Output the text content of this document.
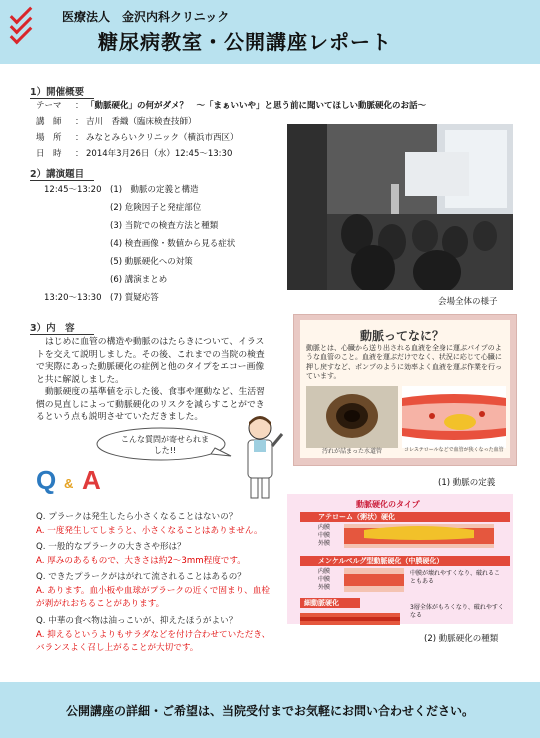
医療法人　金沢内科クリニック
糖尿病教室・公開講座レポート
1）開催概要
テーマ ： 「動脈硬化」の何がダメ？　～「まぁいいや」と思う前に聞いてほしい動脈硬化のお話～
講　師 ： 吉川　香織（臨床検査技師）
場　所 ： みなとみらいクリニック（横浜市西区）
日　時 ： 2014年3月26日（水）12:45～13:30
2）講演題目
12:45～13:20 (1)　動脈の定義と構造
(2) 危険因子と発症部位
(3) 当院での検査方法と種類
(4) 検査画像・数値から見る症状
(5) 動脈硬化への対策
(6) 講演まとめ
13:20～13:30 (7) 質疑応答	会場全体の様子
3）内　容
はじめに血管の構造や動脈のはたらきについて、イラストを交えて説明しました。その後、これまでの当院の検査で実際にあった動脈硬化の症例と他のタイプをエコー画像と共に解説しました。
動脈硬度の基準値を示した後、食事や運動など、生活習慣の見直しによって動脈硬化のリスクを減らすことができるという点も説明させていただきました。
こんな質問が寄せられました!!
Q & A
Q. プラークは発生したら小さくなることはないの？
A. 一度発生してしまうと、小さくなることはありません。
Q. 一般的なプラークの大きさや形は？
A. 厚みのあるもので、大きさは約2～3mm程度です。
Q. できたプラークがはがれて流されることはあるの？
A. あります。血小板や血球がプラークの近くで固まり、血栓が剥がれおちることがあります。
Q. 中華の食べ物は油っこいが、抑えたほうがよい？
A. 抑えるというよりもサラダなどを付け合わせていただき、バランスよく召し上がることが大切です。
動脈ってなに？
動脈とは、心臓から送り出される血液を全身に運ぶパイプのような血管のこと。血液を運ぶだけでなく、状況に応じて心臓に押し戻すなど、ポンプのように効率よく血液を運ぶ作業を行っています。
汚れが詰まった水道管	コレステロールなどで血管が狭くなった血管
(1) 動脈の定義
動脈硬化のタイプ
アテローム（粥状）硬化
内膜
中膜
外膜
メンケルベルグ型動脈硬化（中膜硬化）
内膜
中膜
外膜
中膜が壊れやすくなり、破れることもある
細動脈硬化
3層全体がもろくなり、破れやすくなる
(2) 動脈硬化の種類
公開講座の詳細・ご希望は、当院受付までお気軽にお問い合わせください。
